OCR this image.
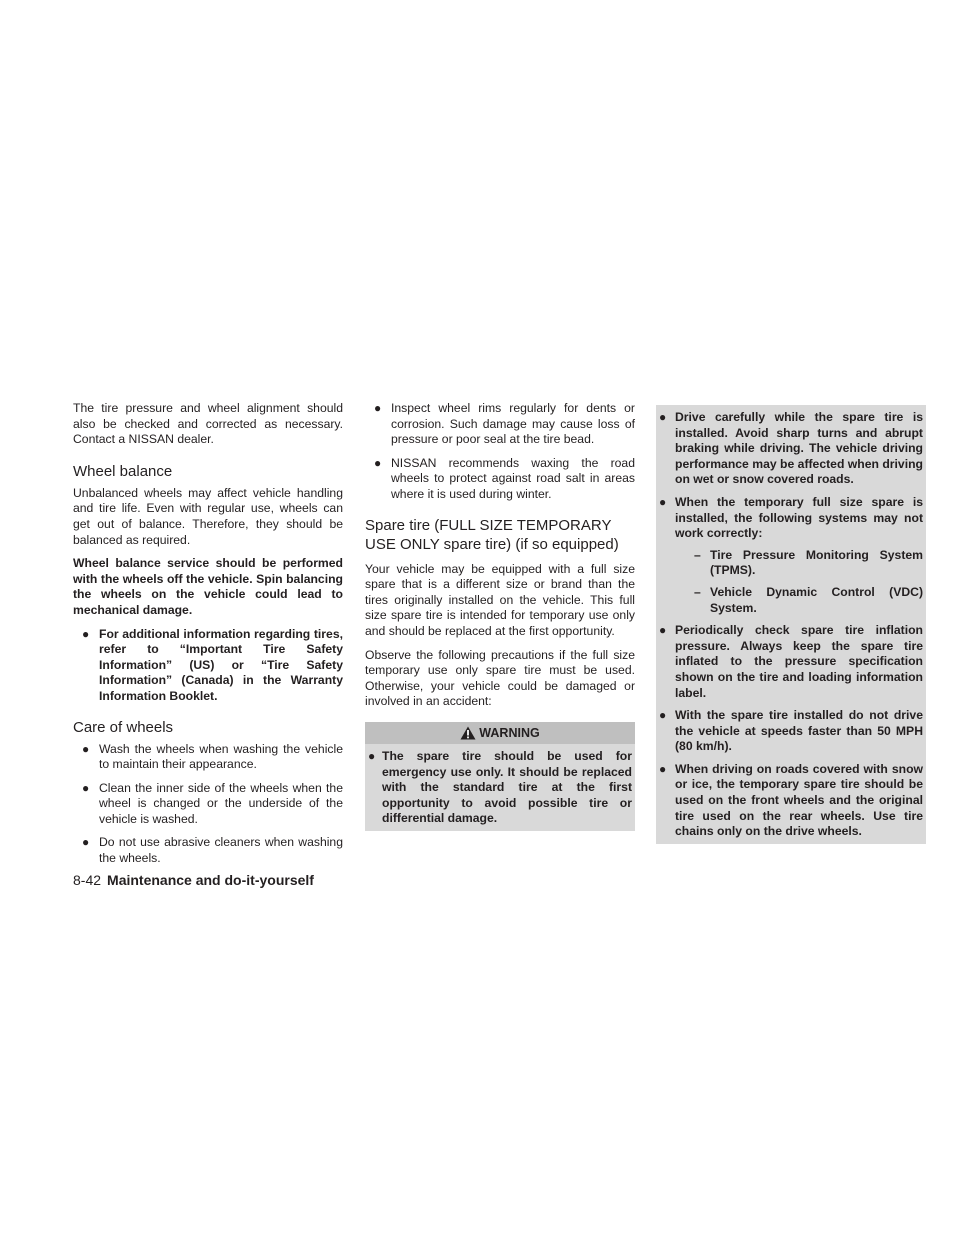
The tire pressure and wheel alignment should also be checked and corrected as necessary. Contact a NISSAN dealer.

Wheel balance

Unbalanced wheels may affect vehicle handling and tire life. Even with regular use, wheels can get out of balance. Therefore, they should be balanced as required.

Wheel balance service should be performed with the wheels off the vehicle. Spin balancing the wheels on the vehicle could lead to mechanical damage.

● For additional information regarding tires, refer to “Important Tire Safety Information” (US) or “Tire Safety Information” (Canada) in the Warranty Information Booklet.
Care of wheels
● Wash the wheels when washing the vehicle to maintain their appearance.
● Clean the inner side of the wheels when the wheel is changed or the underside of the vehicle is washed.
● Do not use abrasive cleaners when washing the wheels.
● Inspect wheel rims regularly for dents or corrosion. Such damage may cause loss of pressure or poor seal at the tire bead.
● NISSAN recommends waxing the road wheels to protect against road salt in areas where it is used during winter.
Spare tire (FULL SIZE TEMPORARY USE ONLY spare tire) (if so equipped)

Your vehicle may be equipped with a full size spare that is a different size or brand than the tires originally installed on the vehicle. This full size spare tire is intended for temporary use only and should be replaced at the first opportunity.

Observe the following precautions if the full size temporary use only spare tire must be used. Otherwise, your vehicle could be damaged or involved in an accident:

WARNING
● The spare tire should be used for emergency use only. It should be replaced with the standard tire at the first opportunity to avoid possible tire or differential damage.
● Drive carefully while the spare tire is installed. Avoid sharp turns and abrupt braking while driving. The vehicle driving performance may be affected when driving on wet or snow covered roads.
● When the temporary full size spare is installed, the following systems may not work correctly:
– Tire Pressure Monitoring System (TPMS).
– Vehicle Dynamic Control (VDC) System.
● Periodically check spare tire inflation pressure. Always keep the spare tire inflated to the pressure specification shown on the tire and loading information label.
● With the spare tire installed do not drive the vehicle at speeds faster than 50 MPH (80 km/h).
● When driving on roads covered with snow or ice, the temporary spare tire should be used on the front wheels and the original tire used on the rear wheels. Use tire chains only on the drive wheels.
8-42 Maintenance and do-it-yourself
